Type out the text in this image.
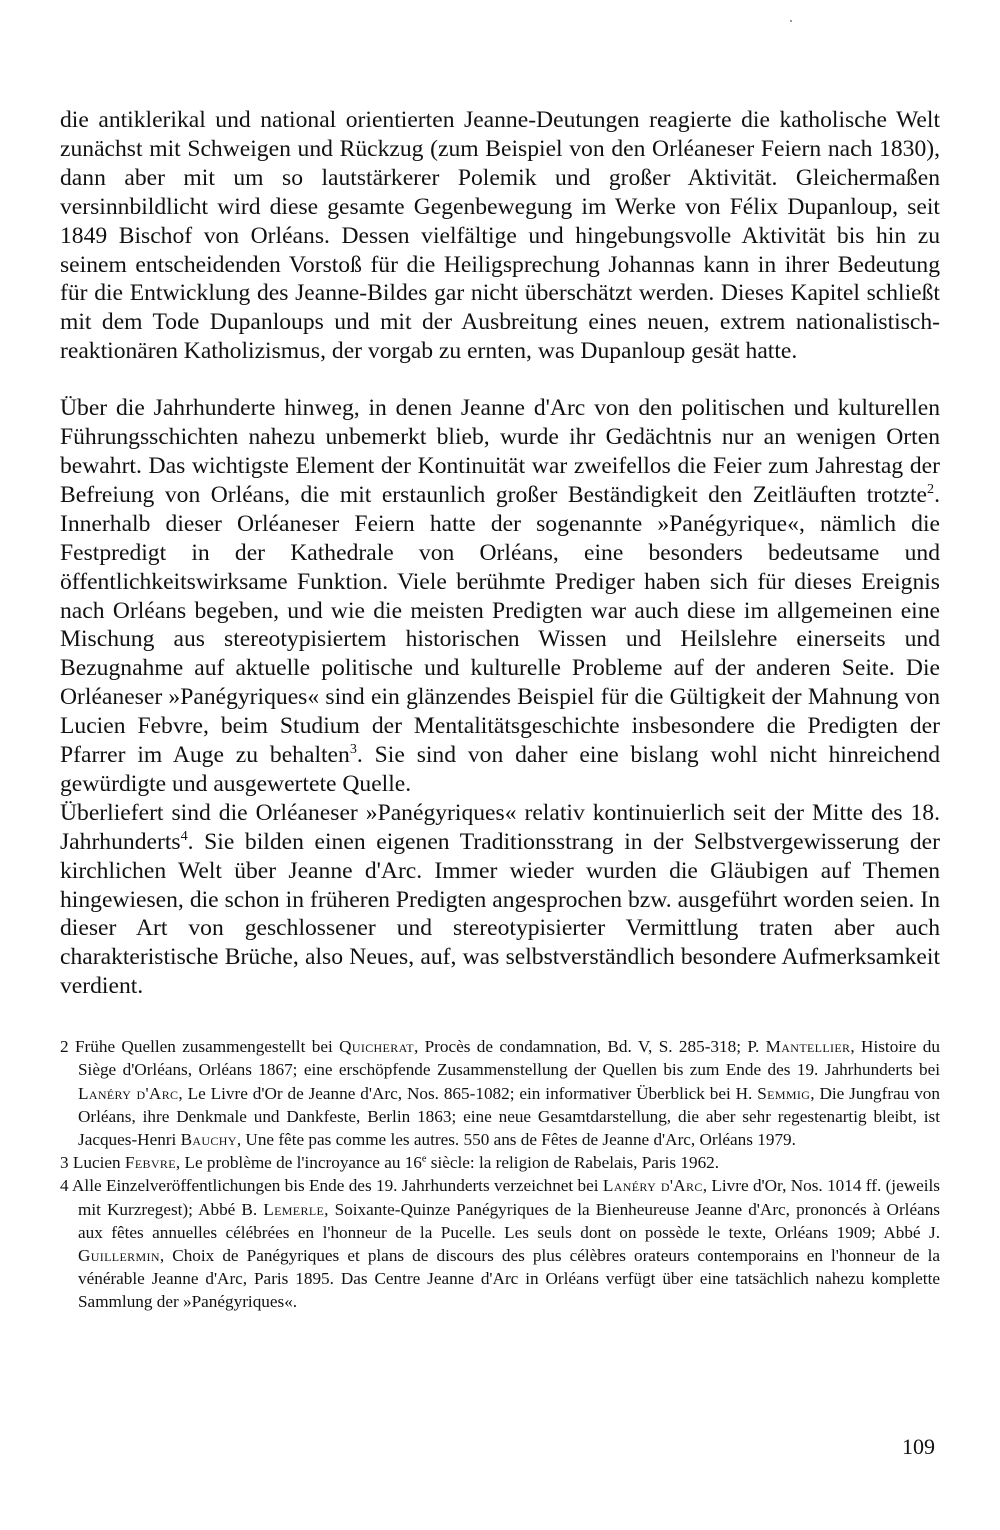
die antiklerikal und national orientierten Jeanne-Deutungen reagierte die katholische Welt zunächst mit Schweigen und Rückzug (zum Beispiel von den Orléaneser Feiern nach 1830), dann aber mit um so lautstärkerer Polemik und großer Aktivität. Gleichermaßen versinnbildlicht wird diese gesamte Gegenbewegung im Werke von Félix Dupanloup, seit 1849 Bischof von Orléans. Dessen vielfältige und hingebungsvolle Aktivität bis hin zu seinem entscheidenden Vorstoß für die Heiligsprechung Johannas kann in ihrer Bedeutung für die Entwicklung des Jeanne-Bildes gar nicht überschätzt werden. Dieses Kapitel schließt mit dem Tode Dupanloups und mit der Ausbreitung eines neuen, extrem nationalistisch-reaktionären Katholizismus, der vorgab zu ernten, was Dupanloup gesät hatte.

Über die Jahrhunderte hinweg, in denen Jeanne d'Arc von den politischen und kulturellen Führungsschichten nahezu unbemerkt blieb, wurde ihr Gedächtnis nur an wenigen Orten bewahrt. Das wichtigste Element der Kontinuität war zweifellos die Feier zum Jahrestag der Befreiung von Orléans, die mit erstaunlich großer Beständigkeit den Zeitläuften trotzte$^2$. Innerhalb dieser Orléaneser Feiern hatte der sogenannte »Panégyrique«, nämlich die Festpredigt in der Kathedrale von Orléans, eine besonders bedeutsame und öffentlichkeitswirksame Funktion. Viele berühmte Prediger haben sich für dieses Ereignis nach Orléans begeben, und wie die meisten Predigten war auch diese im allgemeinen eine Mischung aus stereotypisiertem historischen Wissen und Heilslehre einerseits und Bezugnahme auf aktuelle politische und kulturelle Probleme auf der anderen Seite. Die Orléaneser »Panégyriques« sind ein glänzendes Beispiel für die Gültigkeit der Mahnung von Lucien Febvre, beim Studium der Mentalitätsgeschichte insbesondere die Predigten der Pfarrer im Auge zu behalten$^3$. Sie sind von daher eine bislang wohl nicht hinreichend gewürdigte und ausgewertete Quelle.

Überliefert sind die Orléaneser »Panégyriques« relativ kontinuierlich seit der Mitte des 18. Jahrhunderts$^4$. Sie bilden einen eigenen Traditionsstrang in der Selbstvergewisserung der kirchlichen Welt über Jeanne d'Arc. Immer wieder wurden die Gläubigen auf Themen hingewiesen, die schon in früheren Predigten angesprochen bzw. ausgeführt worden seien. In dieser Art von geschlossener und stereotypisierter Vermittlung traten aber auch charakteristische Brüche, also Neues, auf, was selbstverständlich besondere Aufmerksamkeit verdient.

2 Frühe Quellen zusammengestellt bei Quicherat, Procès de condamnation, Bd. V, S. 285-318; P. Mantellier, Histoire du Siège d'Orléans, Orléans 1867; eine erschöpfende Zusammenstellung der Quellen bis zum Ende des 19. Jahrhunderts bei Lanéry d'Arc, Le Livre d'Or de Jeanne d'Arc, Nos. 865-1082; ein informativer Überblick bei H. Semmig, Die Jungfrau von Orléans, ihre Denkmale und Dankfeste, Berlin 1863; eine neue Gesamtdarstellung, die aber sehr regestenartig bleibt, ist Jacques-Henri Bauchy, Une fête pas comme les autres. 550 ans de Fêtes de Jeanne d'Arc, Orléans 1979.

3 Lucien Febvre, Le problème de l'incroyance au 16e siècle: la religion de Rabelais, Paris 1962.

4 Alle Einzelveröffentlichungen bis Ende des 19. Jahrhunderts verzeichnet bei Lanéry d'Arc, Livre d'Or, Nos. 1014 ff. (jeweils mit Kurzregest); Abbé B. Lemerle, Soixante-Quinze Panégyriques de la Bienheureuse Jeanne d'Arc, prononcés à Orléans aux fêtes annuelles célébrées en l'honneur de la Pucelle. Les seuls dont on possède le texte, Orléans 1909; Abbé J. Guillermin, Choix de Panégyriques et plans de discours des plus célèbres orateurs contemporains en l'honneur de la vénérable Jeanne d'Arc, Paris 1895. Das Centre Jeanne d'Arc in Orléans verfügt über eine tatsächlich nahezu komplette Sammlung der »Panégyriques«.

109
